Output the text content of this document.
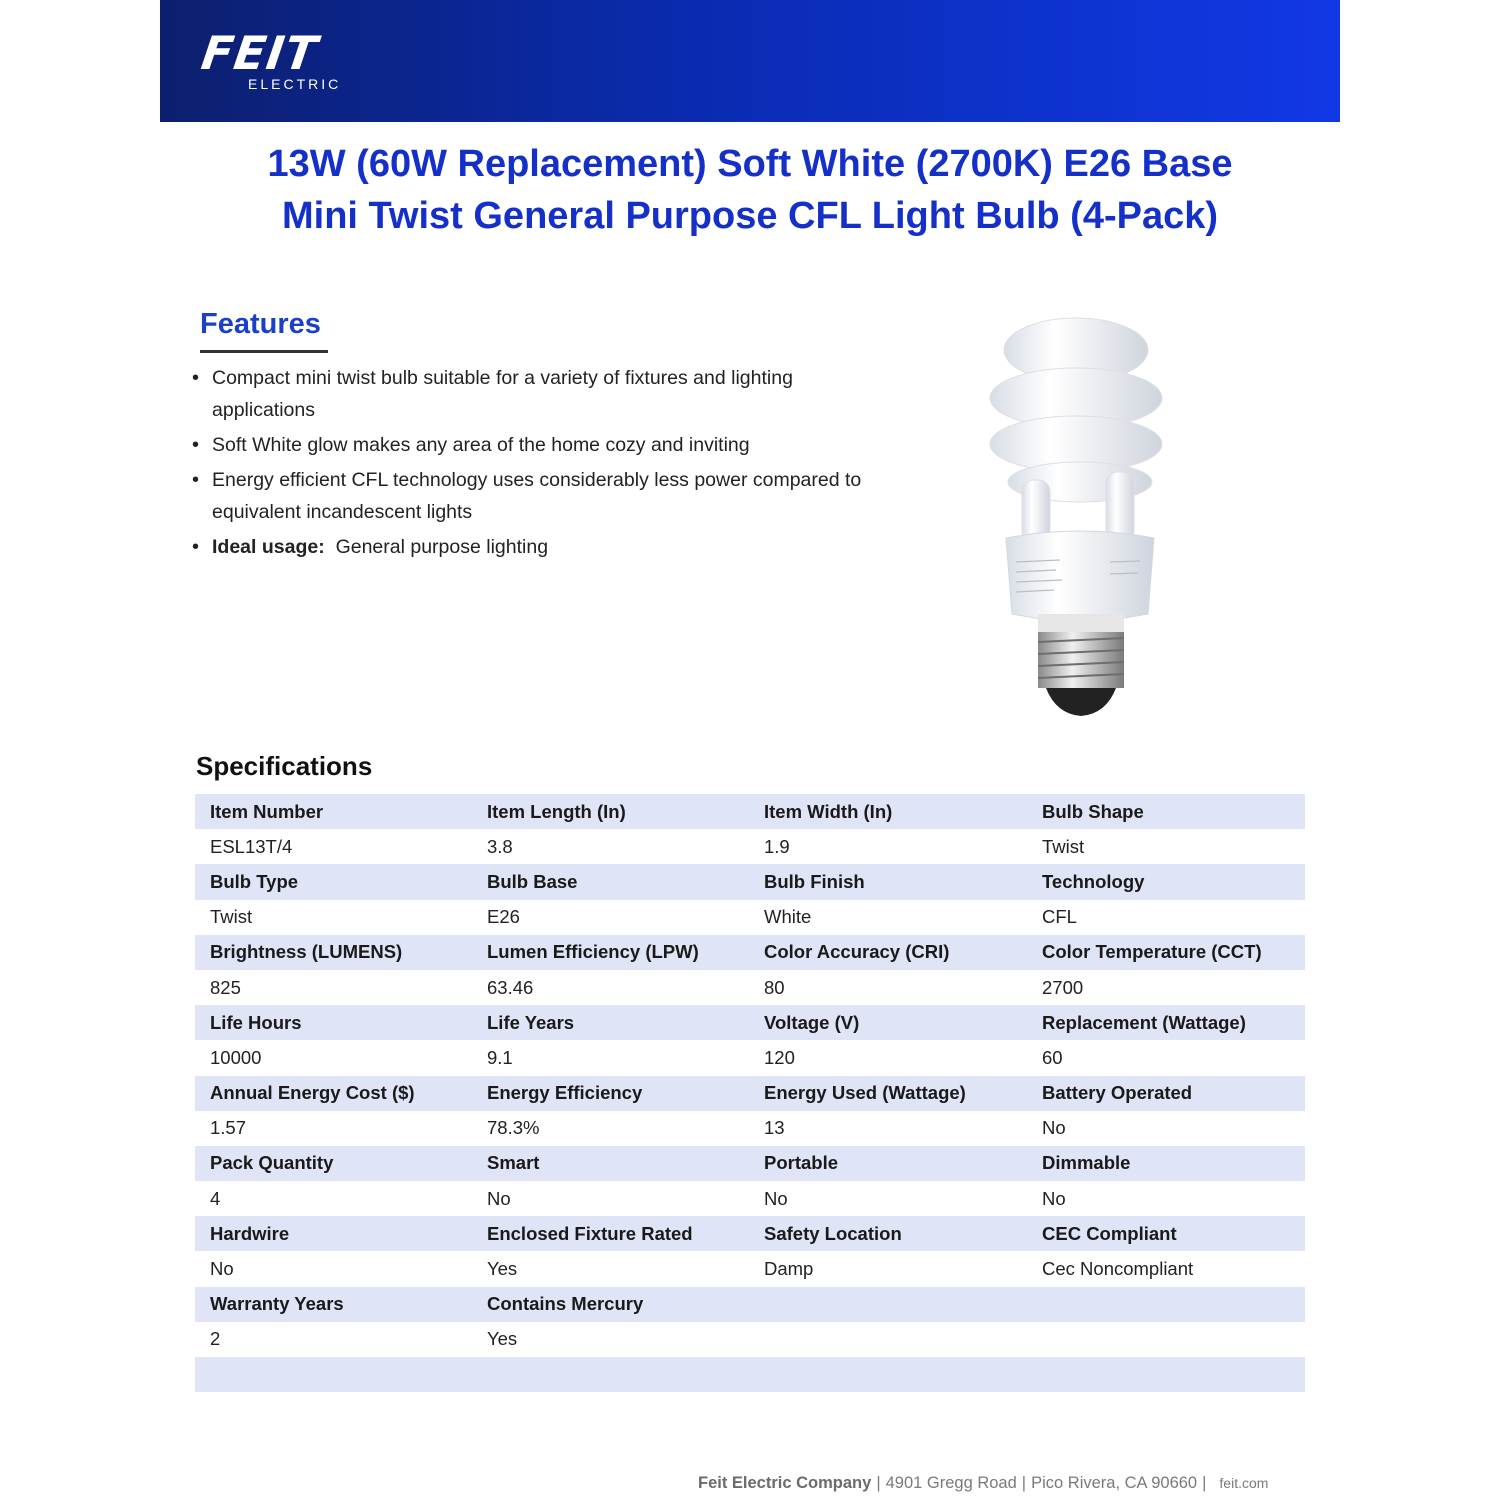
FEIT
ELECTRIC
13W (60W Replacement) Soft White (2700K) E26 Base
Mini Twist General Purpose CFL Light Bulb (4-Pack)
Features
• Compact mini twist bulb suitable for a variety of fixtures and lighting applications
• Soft White glow makes any area of the home cozy and inviting
• Energy efficient CFL technology uses considerably less power compared to equivalent incandescent lights
• Ideal usage: General purpose lighting
Specifications
Item Number	Item Length (In)	Item Width (In)	Bulb Shape
ESL13T/4	3.8	1.9	Twist
Bulb Type	Bulb Base	Bulb Finish	Technology
Twist	E26	White	CFL
Brightness (LUMENS)	Lumen Efficiency (LPW)	Color Accuracy (CRI)	Color Temperature (CCT)
825	63.46	80	2700
Life Hours	Life Years	Voltage (V)	Replacement (Wattage)
10000	9.1	120	60
Annual Energy Cost ($)	Energy Efficiency	Energy Used (Wattage)	Battery Operated
1.57	78.3%	13	No
Pack Quantity	Smart	Portable	Dimmable
4	No	No	No
Hardwire	Enclosed Fixture Rated	Safety Location	CEC Compliant
No	Yes	Damp	Cec Noncompliant
Warranty Years	Contains Mercury		
2	Yes		

Feit Electric Company | 4901 Gregg Road | Pico Rivera, CA 90660 | feit.com
